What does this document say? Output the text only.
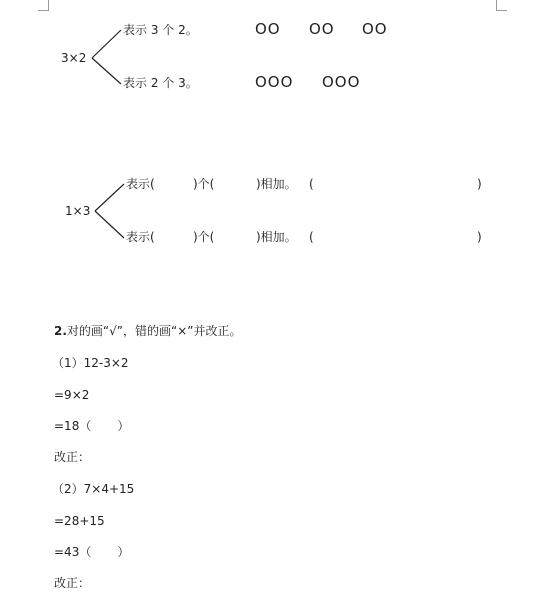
3×2
表示 3 个 2。
表示 2 个 3。
OO OO OO
OOO OOO
1×3
表示(	)个(	)相加。 (	)
表示(	)个(	)相加。 (	)
2.对的画“√”，错的画“×”并改正。
（1）12-3×2
=9×2
=18（ ）
改正：
（2）7×4+15
=28+15
=43（ ）
改正：
